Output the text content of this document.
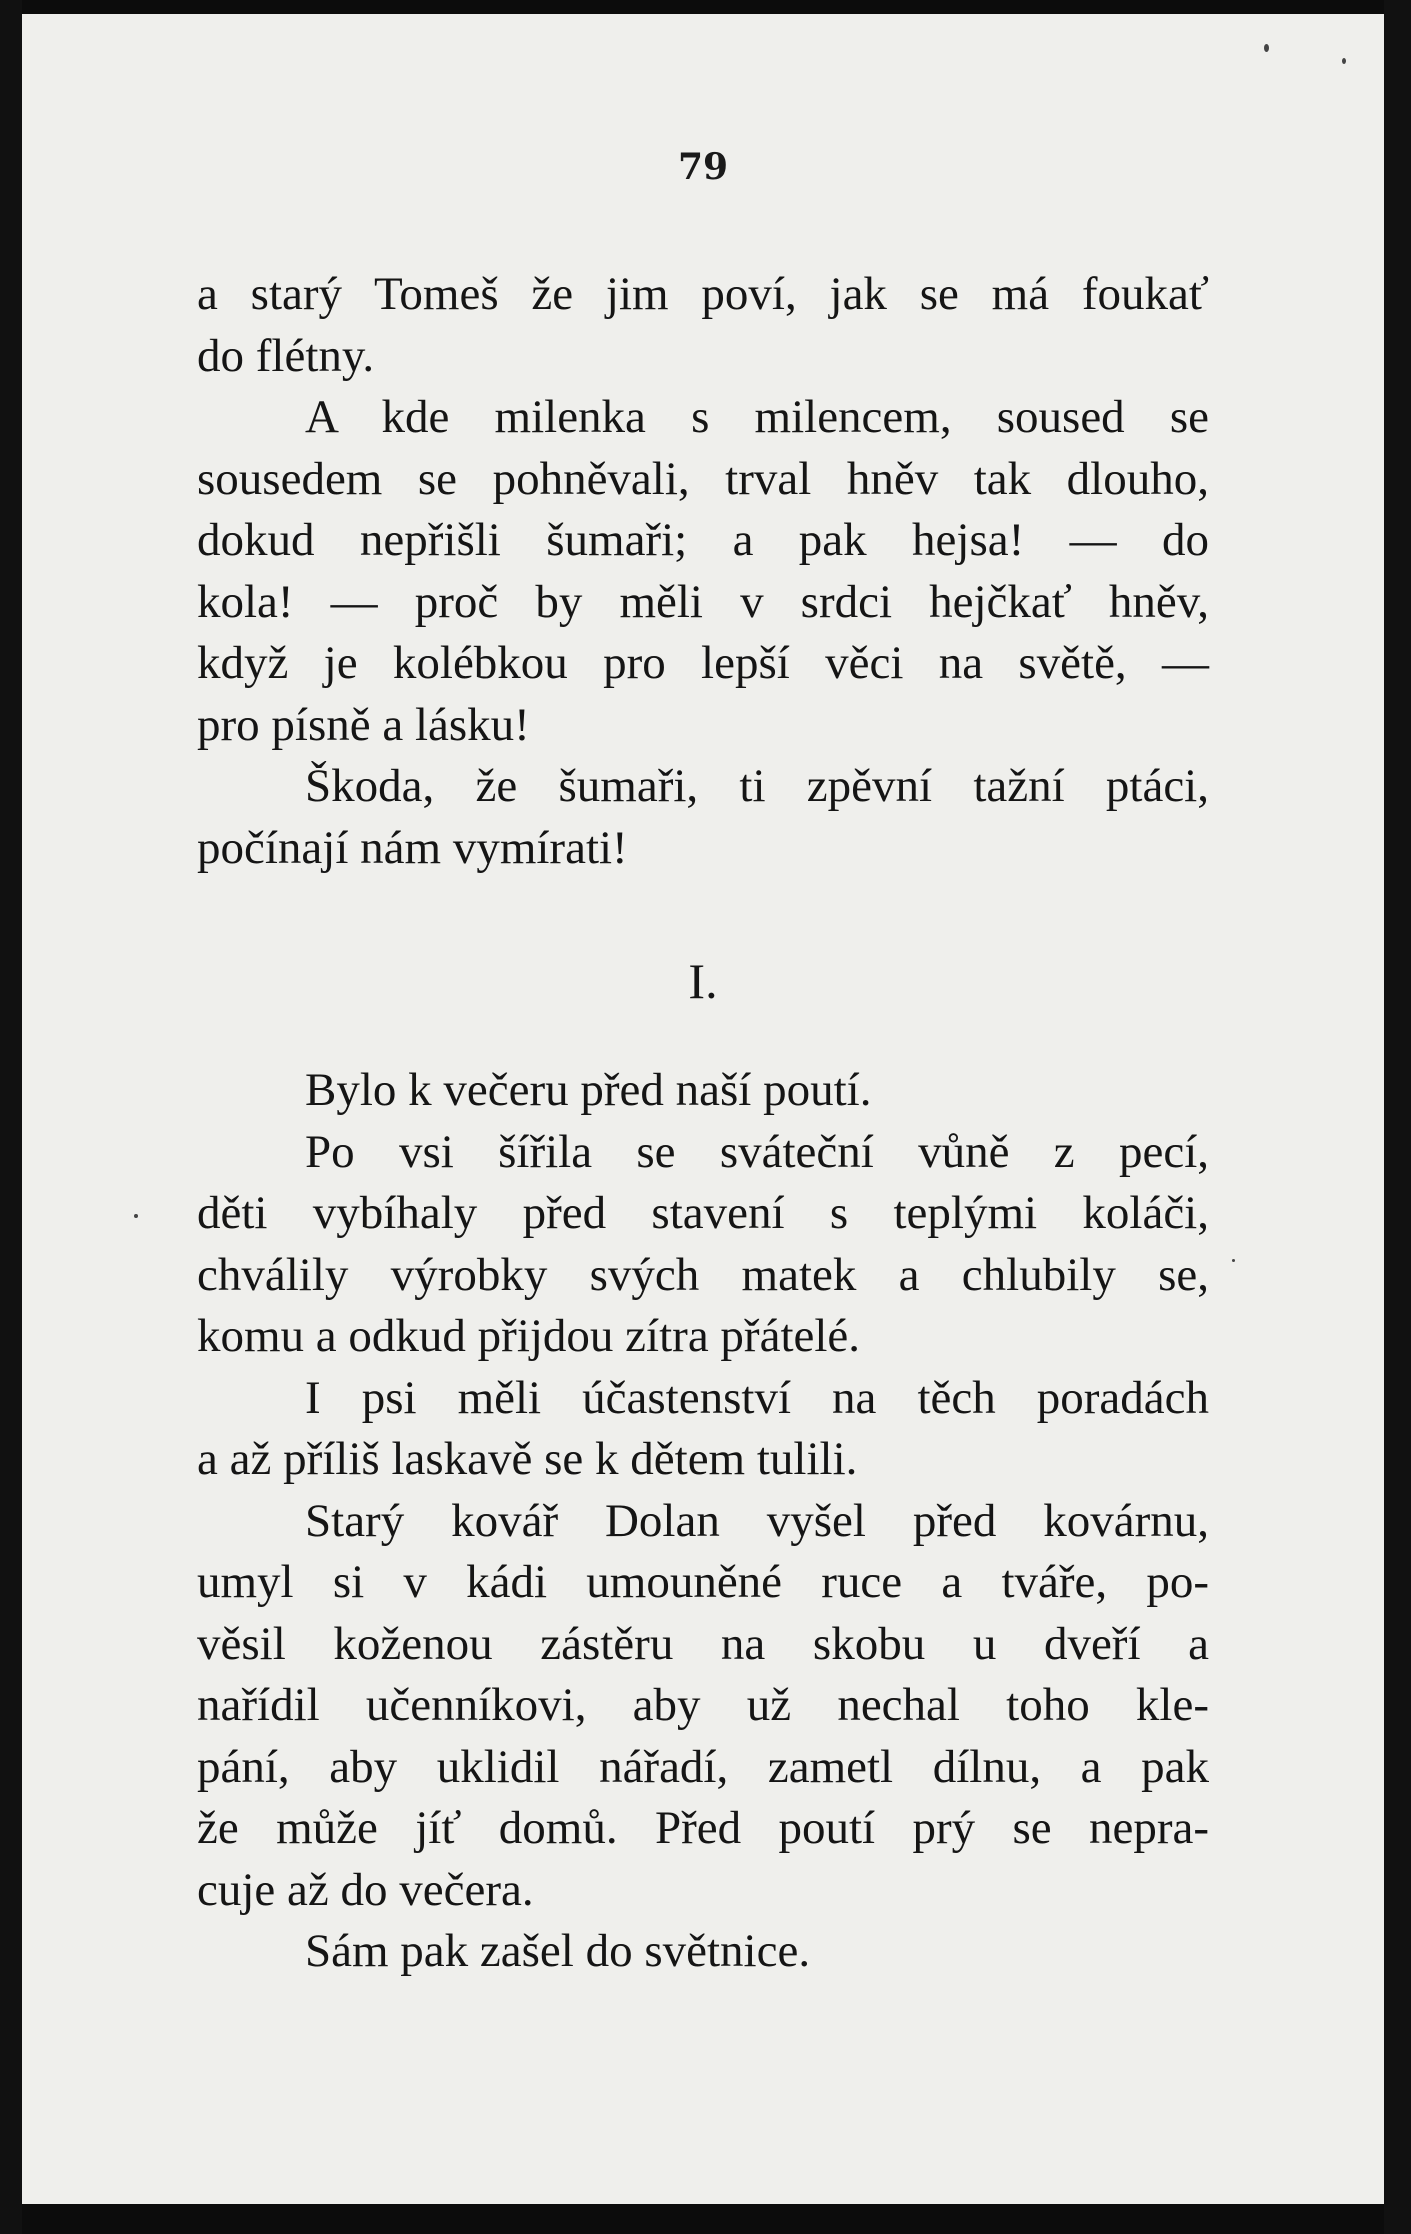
79
a starý Tomeš že jim poví, jak se má foukať
do flétny.
A kde milenka s milencem, soused se
sousedem se pohněvali, trval hněv tak dlouho,
dokud nepřišli šumaři; a pak hejsa! — do
kola! — proč by měli v srdci hejčkať hněv,
když je kolébkou pro lepší věci na světě, —
pro písně a lásku!
Škoda, že šumaři, ti zpěvní tažní ptáci,
počínají nám vymírati!
I.
Bylo k večeru před naší poutí.
Po vsi šířila se sváteční vůně z pecí,
děti vybíhaly před stavení s teplými koláči,
chválily výrobky svých matek a chlubily se,
komu a odkud přijdou zítra přátelé.
I psi měli účastenství na těch poradách
a až příliš laskavě se k dětem tulili.
Starý kovář Dolan vyšel před kovárnu,
umyl si v kádi umouněné ruce a tváře, po-
věsil koženou zástěru na skobu u dveří a
nařídil učenníkovi, aby už nechal toho kle-
pání, aby uklidil nářadí, zametl dílnu, a pak
že může jíť domů. Před poutí prý se nepra-
cuje až do večera.
Sám pak zašel do světnice.
